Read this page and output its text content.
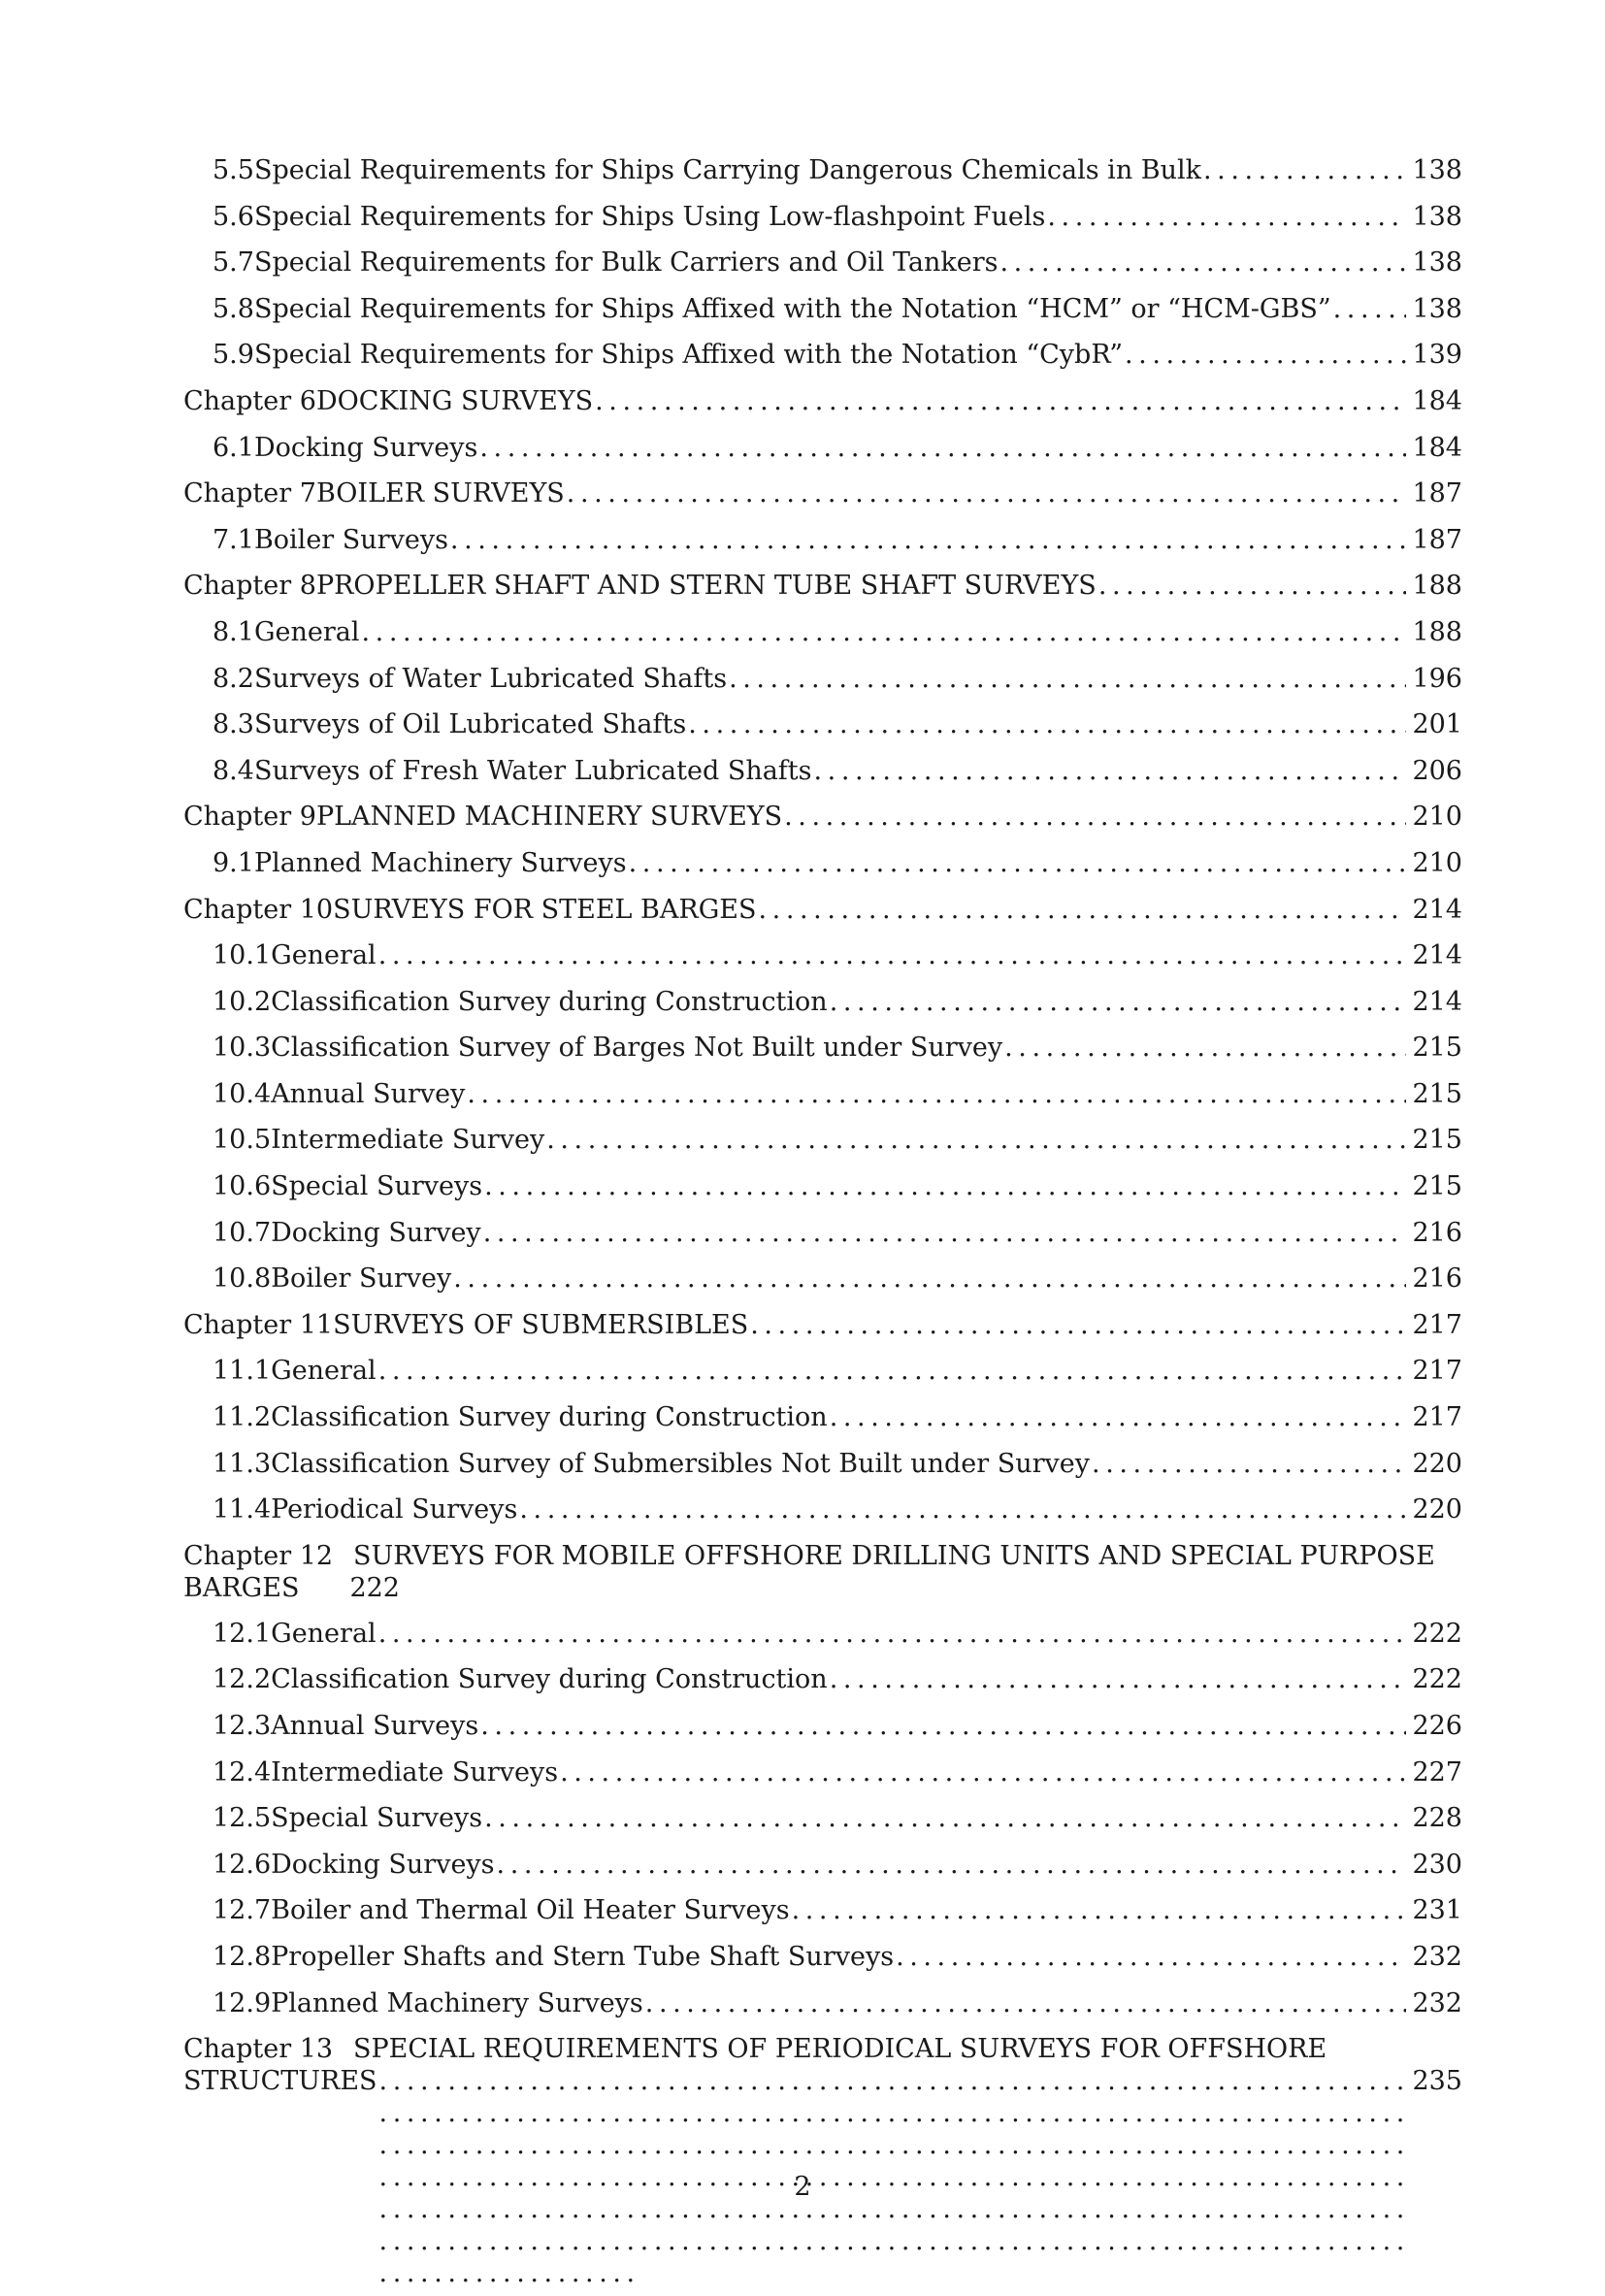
5.5 Special Requirements for Ships Carrying Dangerous Chemicals in Bulk . . .	138
5.6 Special Requirements for Ships Using Low-flashpoint Fuels . . .	138
5.7 Special Requirements for Bulk Carriers and Oil Tankers . . .	138
5.8 Special Requirements for Ships Affixed with the Notation “HCM” or “HCM-GBS” . . .	138
5.9 Special Requirements for Ships Affixed with the Notation “CybR” . . .	139
Chapter 6 DOCKING SURVEYS . . .	184
6.1 Docking Surveys . . .	184
Chapter 7 BOILER SURVEYS . . .	187
7.1 Boiler Surveys . . .	187
Chapter 8 PROPELLER SHAFT AND STERN TUBE SHAFT SURVEYS . . .	188
8.1 General . . .	188
8.2 Surveys of Water Lubricated Shafts . . .	196
8.3 Surveys of Oil Lubricated Shafts . . .	201
8.4 Surveys of Fresh Water Lubricated Shafts . . .	206
Chapter 9 PLANNED MACHINERY SURVEYS . . .	210
9.1 Planned Machinery Surveys . . .	210
Chapter 10 SURVEYS FOR STEEL BARGES . . .	214
10.1 General . . .	214
10.2 Classification Survey during Construction . . .	214
10.3 Classification Survey of Barges Not Built under Survey . . .	215
10.4 Annual Survey . . .	215
10.5 Intermediate Survey . . .	215
10.6 Special Surveys . . .	215
10.7 Docking Survey . . .	216
10.8 Boiler Survey . . .	216
Chapter 11 SURVEYS OF SUBMERSIBLES . . .	217
11.1 General . . .	217
11.2 Classification Survey during Construction . . .	217
11.3 Classification Survey of Submersibles Not Built under Survey . . .	220
11.4 Periodical Surveys . . .	220
Chapter 12 SURVEYS FOR MOBILE OFFSHORE DRILLING UNITS AND SPECIAL PURPOSE
BARGES 222
12.1 General . . .	222
12.2 Classification Survey during Construction . . .	222
12.3 Annual Surveys . . .	226
12.4 Intermediate Surveys . . .	227
12.5 Special Surveys . . .	228
12.6 Docking Surveys . . .	230
12.7 Boiler and Thermal Oil Heater Surveys . . .	231
12.8 Propeller Shafts and Stern Tube Shaft Surveys . . .	232
12.9 Planned Machinery Surveys . . .	232
Chapter 13 SPECIAL REQUIREMENTS OF PERIODICAL SURVEYS FOR OFFSHORE
STRUCTURES . . .	235
2
